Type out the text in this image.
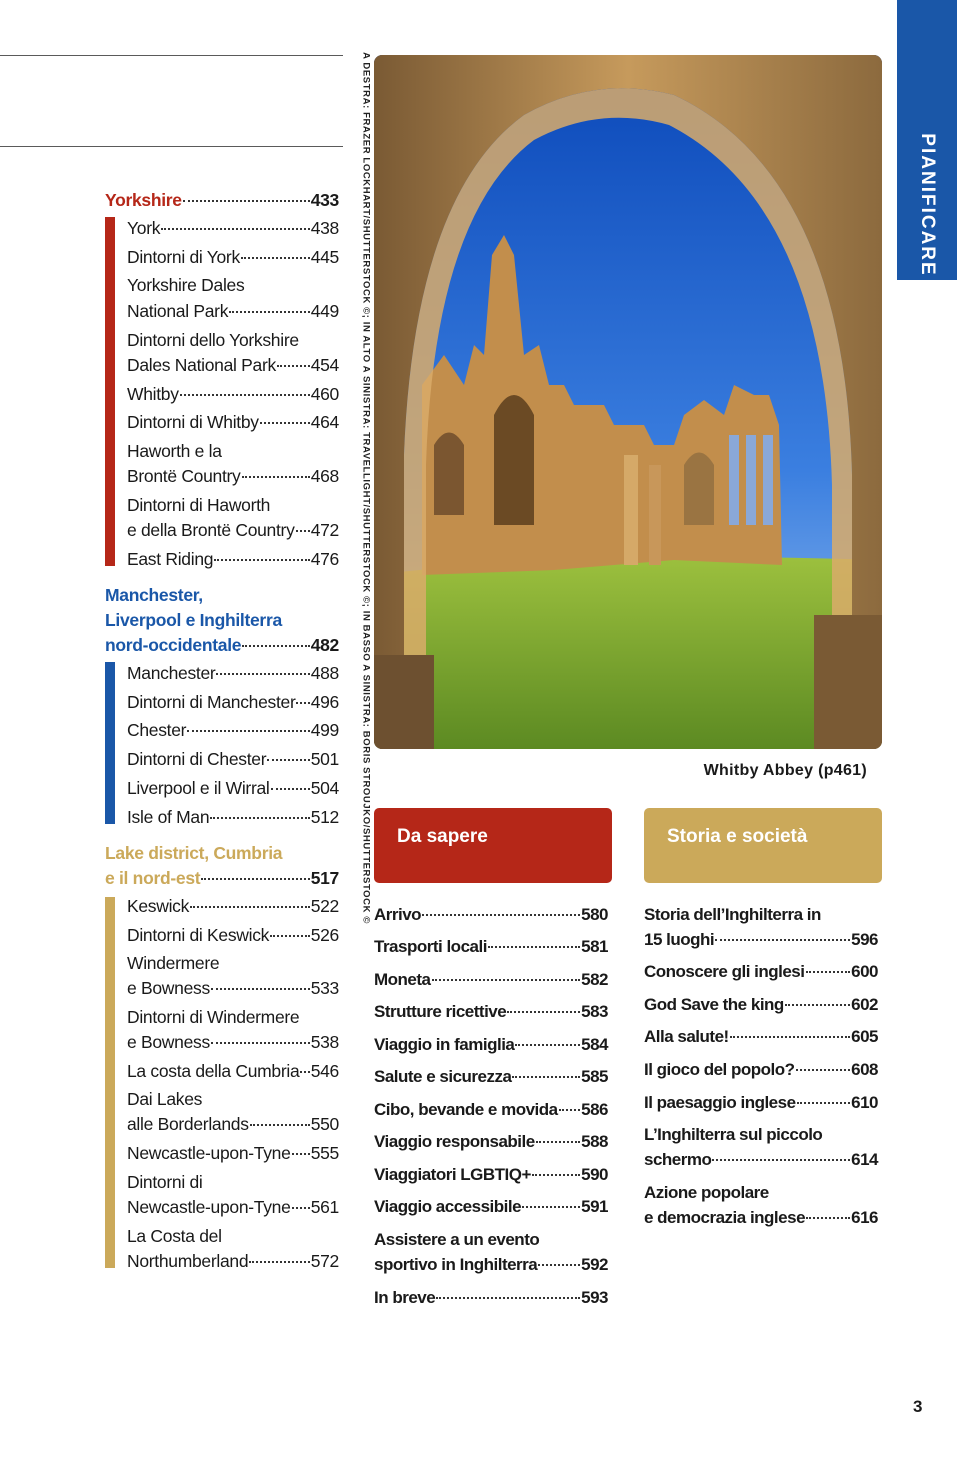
PIANIFICARE
A DESTRA: FRAZER LOCKHART/SHUTTERSTOCK ©; IN ALTO A SINISTRA: TRAVELLIGHT/SHUTTERSTOCK ©; IN BASSO A SINISTRA: BORIS STROUJKO/SHUTTERSTOCK ©	Whitby Abbey (p461)
Yorkshire	433
York	438
Dintorni di York	445
Yorkshire Dales
National Park	449
Dintorni dello Yorkshire
Dales National Park 454
Whitby	460
Dintorni di Whitby	464
Haworth e la
Brontë Country	468
Dintorni di Haworth
e della Brontë Country 472
East Riding	476
Manchester,
Liverpool e Inghilterra
nord-occidentale	482
Manchester	488
Dintorni di Manchester 496
Chester	499
Dintorni di Chester	501
Liverpool e il Wirral 504
Isle of Man	512
Lake district, Cumbria
e il nord-est	517
Keswick	522
Dintorni di Keswick 526
Windermere
e Bowness	533
Dintorni di Windermere
e Bowness	538
La costa della Cumbria 546
Dai Lakes
alle Borderlands	550
Newcastle-upon-Tyne 555
Dintorni di
Newcastle-upon-Tyne 561
La Costa del
Northumberland	572
Da sapere
Arrivo	580
Trasporti locali	581
Moneta	582
Strutture ricettive	583
Viaggio in famiglia	584
Salute e sicurezza	585
Cibo, bevande e movida 586
Viaggio responsabile	588
Viaggiatori LGBTIQ+	590
Viaggio accessibile	591
Assistere a un evento
sportivo in Inghilterra	592
In breve	593
Storia e società
Storia dell’Inghilterra in
15 luoghi	596
Conoscere gli inglesi	600
God Save the king	602
Alla salute!	605
Il gioco del popolo?	608
Il paesaggio inglese	610
L’Inghilterra sul piccolo
schermo	614
Azione popolare
e democrazia inglese	616
3
